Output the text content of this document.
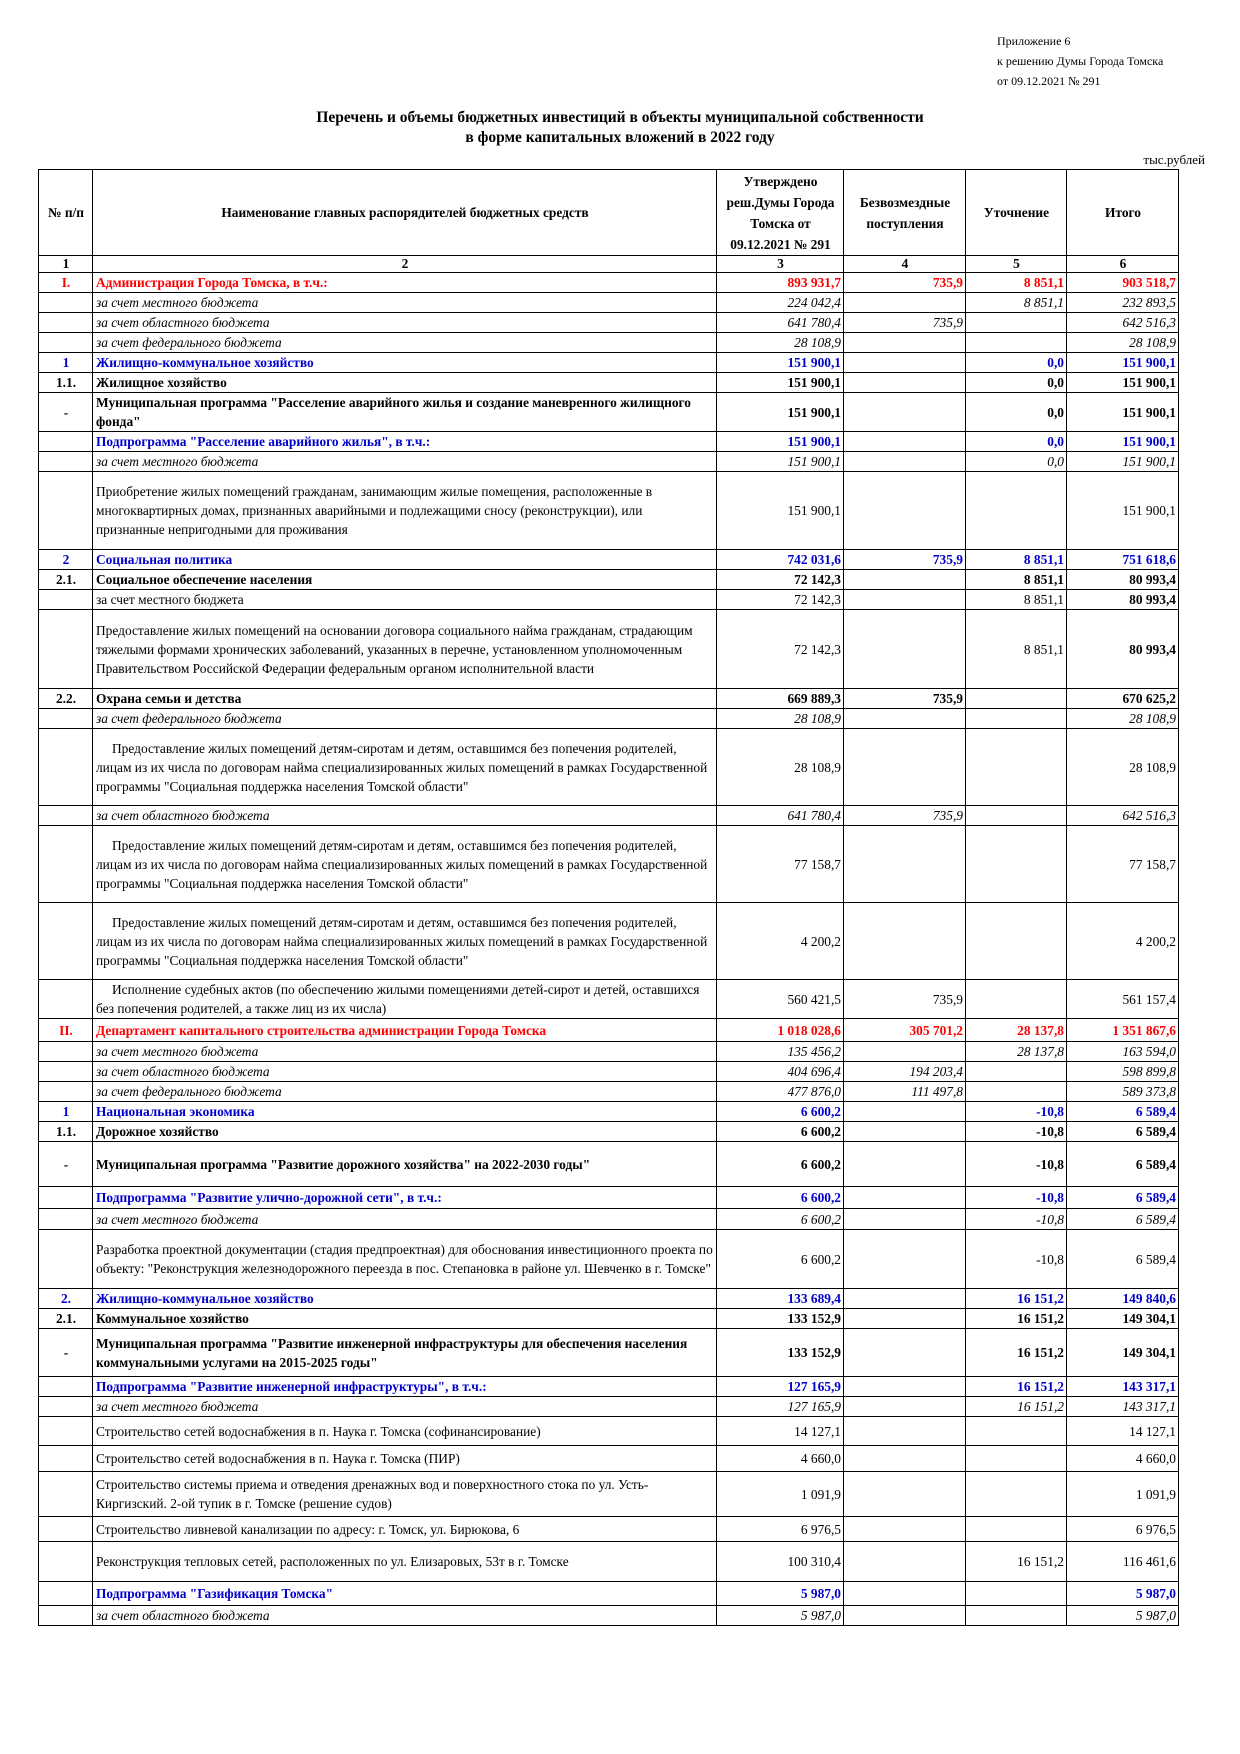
Приложение 6
к решению Думы Города Томска
от 09.12.2021 № 291
Перечень и объемы бюджетных инвестиций в объекты муниципальной собственности
в форме капитальных вложений в 2022 году
тыс.рублей
№ п/п	Наименование главных распорядителей бюджетных средств	Утверждено реш.Думы Города Томска от 09.12.2021 № 291	Безвозмездные поступления	Уточнение	Итого
1	2	3	4	5	6
I.	Администрация Города Томска, в т.ч.:	893 931,7	735,9	8 851,1	903 518,7
	за счет местного бюджета	224 042,4		8 851,1	232 893,5
	за счет областного бюджета	641 780,4	735,9		642 516,3
	за счет федерального бюджета	28 108,9			28 108,9
1	Жилищно-коммунальное хозяйство	151 900,1		0,0	151 900,1
1.1.	Жилищное хозяйство	151 900,1		0,0	151 900,1
-	Муниципальная программа "Расселение аварийного жилья и создание маневренного жилищного фонда"	151 900,1		0,0	151 900,1
	Подпрограмма "Расселение аварийного жилья", в т.ч.:	151 900,1		0,0	151 900,1
	за счет местного бюджета	151 900,1		0,0	151 900,1
	Приобретение жилых помещений гражданам, занимающим жилые помещения, расположенные в многоквартирных домах, признанных аварийными и подлежащими сносу (реконструкции), или признанные непригодными для проживания	151 900,1			151 900,1
2	Социальная политика	742 031,6	735,9	8 851,1	751 618,6
2.1.	Социальное обеспечение населения	72 142,3		8 851,1	80 993,4
	за счет местного бюджета	72 142,3		8 851,1	80 993,4
	Предоставление жилых помещений на основании договора социального найма гражданам, страдающим тяжелыми формами хронических заболеваний, указанных в перечне, установленном уполномоченным Правительством Российской Федерации федеральным органом исполнительной власти	72 142,3		8 851,1	80 993,4
2.2.	Охрана семьи и детства	669 889,3	735,9		670 625,2
	за счет федерального бюджета	28 108,9			28 108,9
	Предоставление жилых помещений детям-сиротам и детям, оставшимся без попечения родителей, лицам из их числа по договорам найма специализированных жилых помещений в рамках Государственной программы "Социальная поддержка населения Томской области"	28 108,9			28 108,9
	за счет областного бюджета	641 780,4	735,9		642 516,3
	Предоставление жилых помещений детям-сиротам и детям, оставшимся без попечения родителей, лицам из их числа по договорам найма специализированных жилых помещений в рамках Государственной программы "Социальная поддержка населения Томской области"	77 158,7			77 158,7
	Предоставление жилых помещений детям-сиротам и детям, оставшимся без попечения родителей, лицам из их числа по договорам найма специализированных жилых помещений в рамках Государственной программы "Социальная поддержка населения Томской области"	4 200,2			4 200,2
	Исполнение судебных актов (по обеспечению жилыми помещениями детей-сирот и детей, оставшихся без попечения родителей, а также лиц из их числа)	560 421,5	735,9		561 157,4
II.	Департамент капитального строительства администрации Города Томска	1 018 028,6	305 701,2	28 137,8	1 351 867,6
	за счет местного бюджета	135 456,2		28 137,8	163 594,0
	за счет областного бюджета	404 696,4	194 203,4		598 899,8
	за счет федерального бюджета	477 876,0	111 497,8		589 373,8
1	Национальная экономика	6 600,2		-10,8	6 589,4
1.1.	Дорожное хозяйство	6 600,2		-10,8	6 589,4
-	Муниципальная программа "Развитие дорожного хозяйства" на 2022-2030 годы"	6 600,2		-10,8	6 589,4
	Подпрограмма "Развитие улично-дорожной сети", в т.ч.:	6 600,2		-10,8	6 589,4
	за счет местного бюджета	6 600,2		-10,8	6 589,4
	Разработка проектной документации (стадия предпроектная) для обоснования инвестиционного проекта по объекту: "Реконструкция железнодорожного переезда в пос. Степановка в районе ул. Шевченко в г. Томске"	6 600,2		-10,8	6 589,4
2.	Жилищно-коммунальное хозяйство	133 689,4		16 151,2	149 840,6
2.1.	Коммунальное хозяйство	133 152,9		16 151,2	149 304,1
-	Муниципальная программа "Развитие инженерной инфраструктуры для обеспечения населения коммунальными услугами на 2015-2025 годы"	133 152,9		16 151,2	149 304,1
	Подпрограмма "Развитие инженерной инфраструктуры", в т.ч.:	127 165,9		16 151,2	143 317,1
	за счет местного бюджета	127 165,9		16 151,2	143 317,1
	Строительство сетей водоснабжения в п. Наука г. Томска (софинансирование)	14 127,1			14 127,1
	Строительство сетей водоснабжения в п. Наука г. Томска (ПИР)	4 660,0			4 660,0
	Строительство системы приема и отведения дренажных вод и поверхностного стока по ул. Усть-Киргизский. 2-ой тупик в г. Томске (решение судов)	1 091,9			1 091,9
	Строительство ливневой канализации по адресу: г. Томск, ул. Бирюкова, 6	6 976,5			6 976,5
	Реконструкция тепловых сетей, расположенных по ул. Елизаровых, 53т в г. Томске	100 310,4		16 151,2	116 461,6
	Подпрограмма "Газификация Томска"	5 987,0			5 987,0
	за счет областного бюджета	5 987,0			5 987,0
